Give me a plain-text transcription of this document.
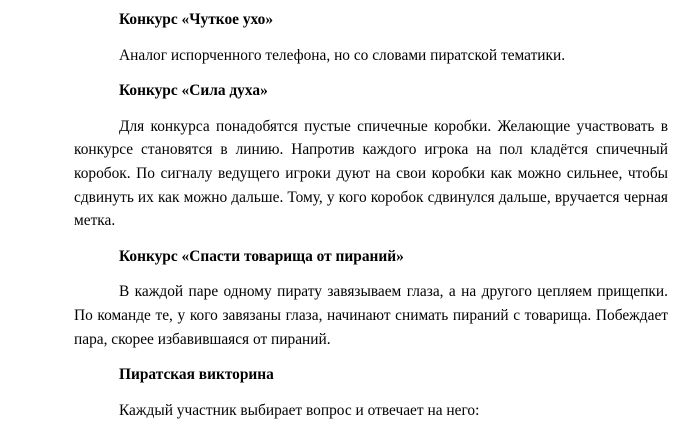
Конкурс «Чуткое ухо»
Аналог испорченного телефона, но со словами пиратской тематики.
Конкурс «Сила духа»
Для конкурса понадобятся пустые спичечные коробки. Желающие участвовать в конкурсе становятся в линию. Напротив каждого игрока на пол кладётся спичечный коробок. По сигналу ведущего игроки дуют на свои коробки как можно сильнее, чтобы сдвинуть их как можно дальше. Тому, у кого коробок сдвинулся дальше, вручается черная метка.
Конкурс «Спасти товарища от пираний»
В каждой паре одному пирату завязываем глаза, а на другого цепляем прищепки. По команде те, у кого завязаны глаза, начинают снимать пираний с товарища. Побеждает пара, скорее избавившаяся от пираний.
Пиратская викторина
Каждый участник выбирает вопрос и отвечает на него:
